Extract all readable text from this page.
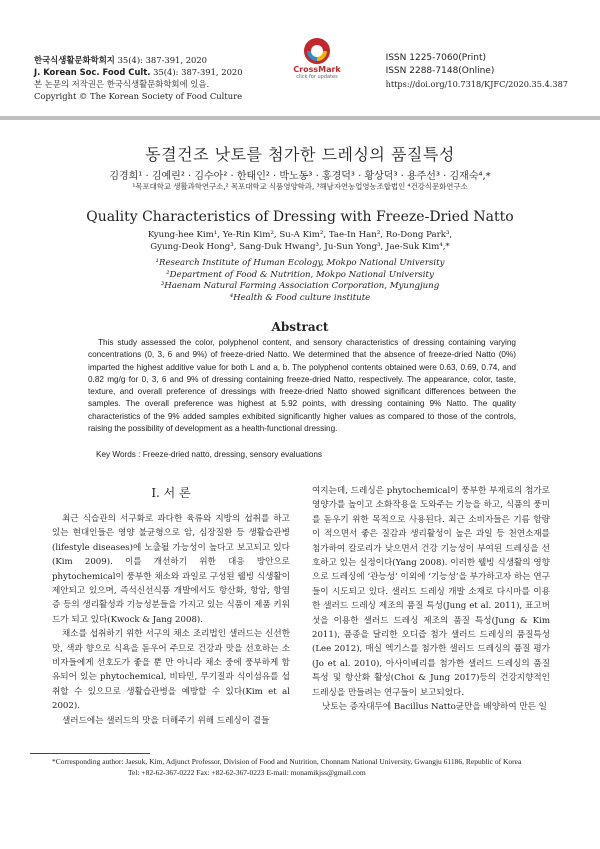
한국식생활문화학회지 35(4): 387-391, 2020
J. Korean Soc. Food Cult. 35(4): 387-391, 2020
본 논문의 저작권은 한국식생활문화학회에 있음.
Copyright © The Korean Society of Food Culture
CrossMark
click for updates
ISSN 1225-7060(Print)
ISSN 2288-7148(Online)
https://doi.org/10.7318/KJFC/2020.35.4.387
동결건조 낫토를 첨가한 드레싱의 품질특성
김경희¹ · 김예린² · 김수아² · 한태인² · 박노동³ · 홍경덕³ · 황상덕³ · 용주선³ · 김재숙⁴,*
¹목포대학교 생활과학연구소,² 목포대학교 식품영양학과, ³해남자연농업영농조합법인 ⁴건강식문화연구소
Quality Characteristics of Dressing with Freeze-Dried Natto
Kyung-hee Kim¹, Ye-Rin Kim², Su-A Kim², Tae-In Han², Ro-Dong Park³,
Gyung-Deok Hong³, Sang-Duk Hwang³, Ju-Sun Yong³, Jae-Suk Kim⁴,*
¹Research Institute of Human Ecology, Mokpo National University
²Department of Food & Nutrition, Mokpo National University
³Haenam Natural Farming Association Corporation, Myungjung
⁴Health & Food culture institute
Abstract
This study assessed the color, polyphenol content, and sensory characteristics of dressing containing varying concentrations (0, 3, 6 and 9%) of freeze-dried Natto. We determined that the absence of freeze-dried Natto (0%) imparted the highest additive value for both L and a, b. The polyphenol contents obtained were 0.63, 0.69, 0.74, and 0.82 mg/g for 0, 3, 6 and 9% of dressing containing freeze-dried Natto, respectively. The appearance, color, taste, texture, and overall preference of dressings with freeze-dried Natto showed significant differences between the samples. The overall preference was highest at 5.92 points, with dressing containing 9% Natto. The quality characteristics of the 9% added samples exhibited significantly higher values as compared to those of the controls, raising the possibility of development as a health-functional dressing.
Key Words : Freeze-dried natto, dressing, sensory evaluations
Ⅰ. 서 론

최근 식습관의 서구화로 과다한 육류와 지방의 섭취를 하고 있는 현대인들은 영양 불균형으로 암, 심장질환 등 생활습관병(lifestyle diseases)에 노출될 가능성이 높다고 보고되고 있다(Kim 2009). 이를 개선하기 위한 대응 방안으로 phytochemical이 풍부한 채소와 과일로 구성된 웰빙 식생활이 제안되고 있으며, 즉석신선식품 개발에서도 항산화, 항암, 항염증 등의 생리활성과 기능성분들을 가지고 있는 식품이 제품 키워드가 되고 있다(Kwock & Jang 2008).

채소를 섭취하기 위한 서구의 채소 조리법인 샐러드는 신선한 맛, 색과 향으로 식욕을 돋우어 주므로 건강과 맛을 선호하는 소비자들에게 선호도가 좋을 뿐 만 아니라 채소 중에 풍부하게 함유되어 있는 phytochemical, 비타민, 무기질과 식이섬유를 섭취할 수 있으므로 생활습관병을 예방할 수 있다(Kim et al 2002).

샐러드에는 샐러드의 맛을 더해주기 위해 드레싱이 곁들

여지는데, 드레싱은 phytochemical이 풍부한 부재료의 첨가로 영양가를 높이고 소화작용을 도와주는 기능을 하고, 식품의 풍미를 돋우기 위한 목적으로 사용된다. 최근 소비자들은 기름 함량이 적으면서 좋은 질감과 생리활성이 높은 과일 등 천연소재를 첨가하여 칼로리가 낮으면서 건강 기능성이 부여된 드레싱을 선호하고 있는 실정이다(Yang 2008). 이러한 웰빙 식생활의 영향으로 드레싱에 ‘관능성’ 이외에 ‘기능성’을 부가하고자 하는 연구들이 시도되고 있다. 샐러드 드레싱 개발 소재로 다시마를 이용한 샐러드 드레싱 제조의 품질 특성(Jung et al. 2011), 표고버섯을 이용한 샐러드 드레싱 제조의 품질 특성(Jung & Kim 2011), 품종을 달리한 오디즙 첨가 샐러드 드레싱의 품질특성(Lee 2012), 매실 엑기스를 첨가한 샐러드 드레싱의 품질 평가(Jo et al. 2010), 아사이베리를 첨가한 샐러드 드레싱의 품질특성 및 항산화 활성(Choi & Jung 2017)등의 건강지향적인 드레싱을 만들려는 연구들이 보고되었다.

낫토는 증자대두에 Bacillus Natto균만을 배양하여 만든 일

*Corresponding author: Jaesuk, Kim, Adjunct Professor, Division of Food and Nutrition, Chonnam National University, Gwangju 61186, Republic of Korea
Tel: +82-62-367-0222 Fax: +82-62-367-0223 E-mail: monamikjss@gmail.com
